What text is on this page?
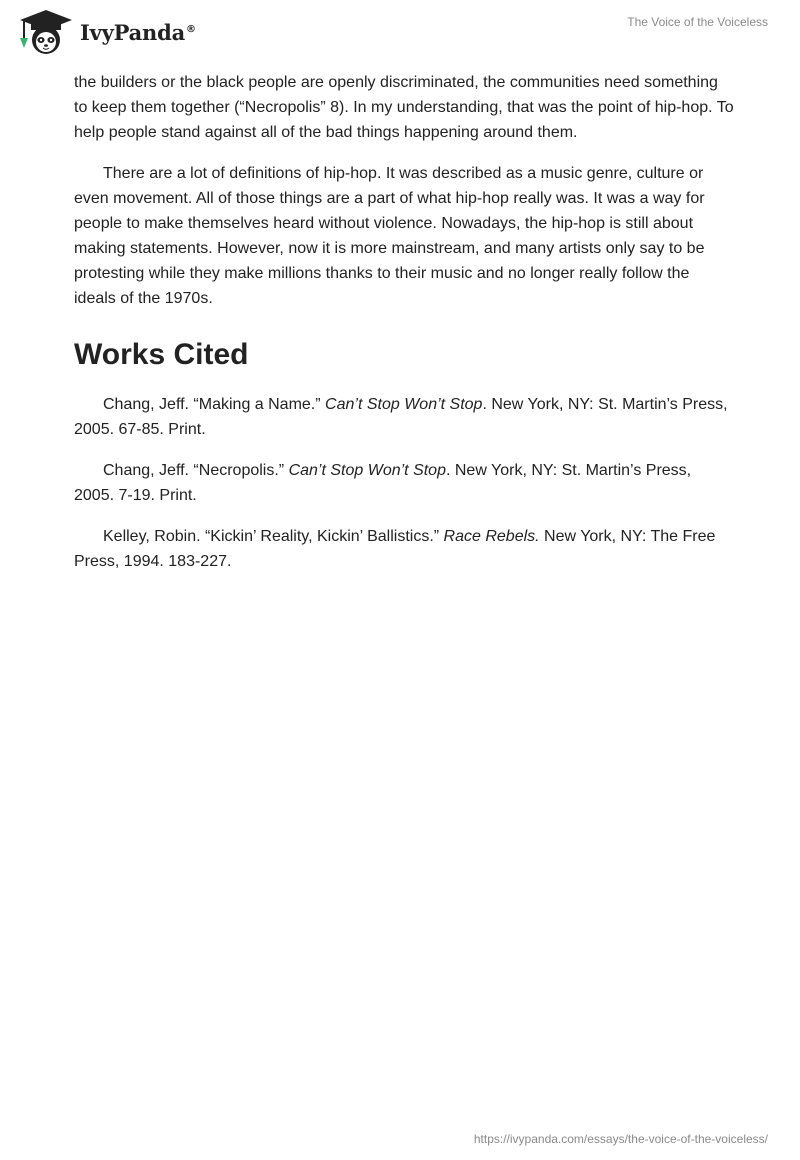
IvyPanda®	The Voice of the Voiceless

the builders or the black people are openly discriminated, the communities need something to keep them together (“Necropolis” 8). In my understanding, that was the point of hip-hop. To help people stand against all of the bad things happening around them.

There are a lot of definitions of hip-hop. It was described as a music genre, culture or even movement. All of those things are a part of what hip-hop really was. It was a way for people to make themselves heard without violence. Nowadays, the hip-hop is still about making statements. However, now it is more mainstream, and many artists only say to be protesting while they make millions thanks to their music and no longer really follow the ideals of the 1970s.

Works Cited

Chang, Jeff. “Making a Name.” Can’t Stop Won’t Stop. New York, NY: St. Martin’s Press, 2005. 67-85. Print.

Chang, Jeff. “Necropolis.” Can’t Stop Won’t Stop. New York, NY: St. Martin’s Press, 2005. 7-19. Print.

Kelley, Robin. “Kickin’ Reality, Kickin’ Ballistics.” Race Rebels. New York, NY: The Free Press, 1994. 183-227.

https://ivypanda.com/essays/the-voice-of-the-voiceless/
